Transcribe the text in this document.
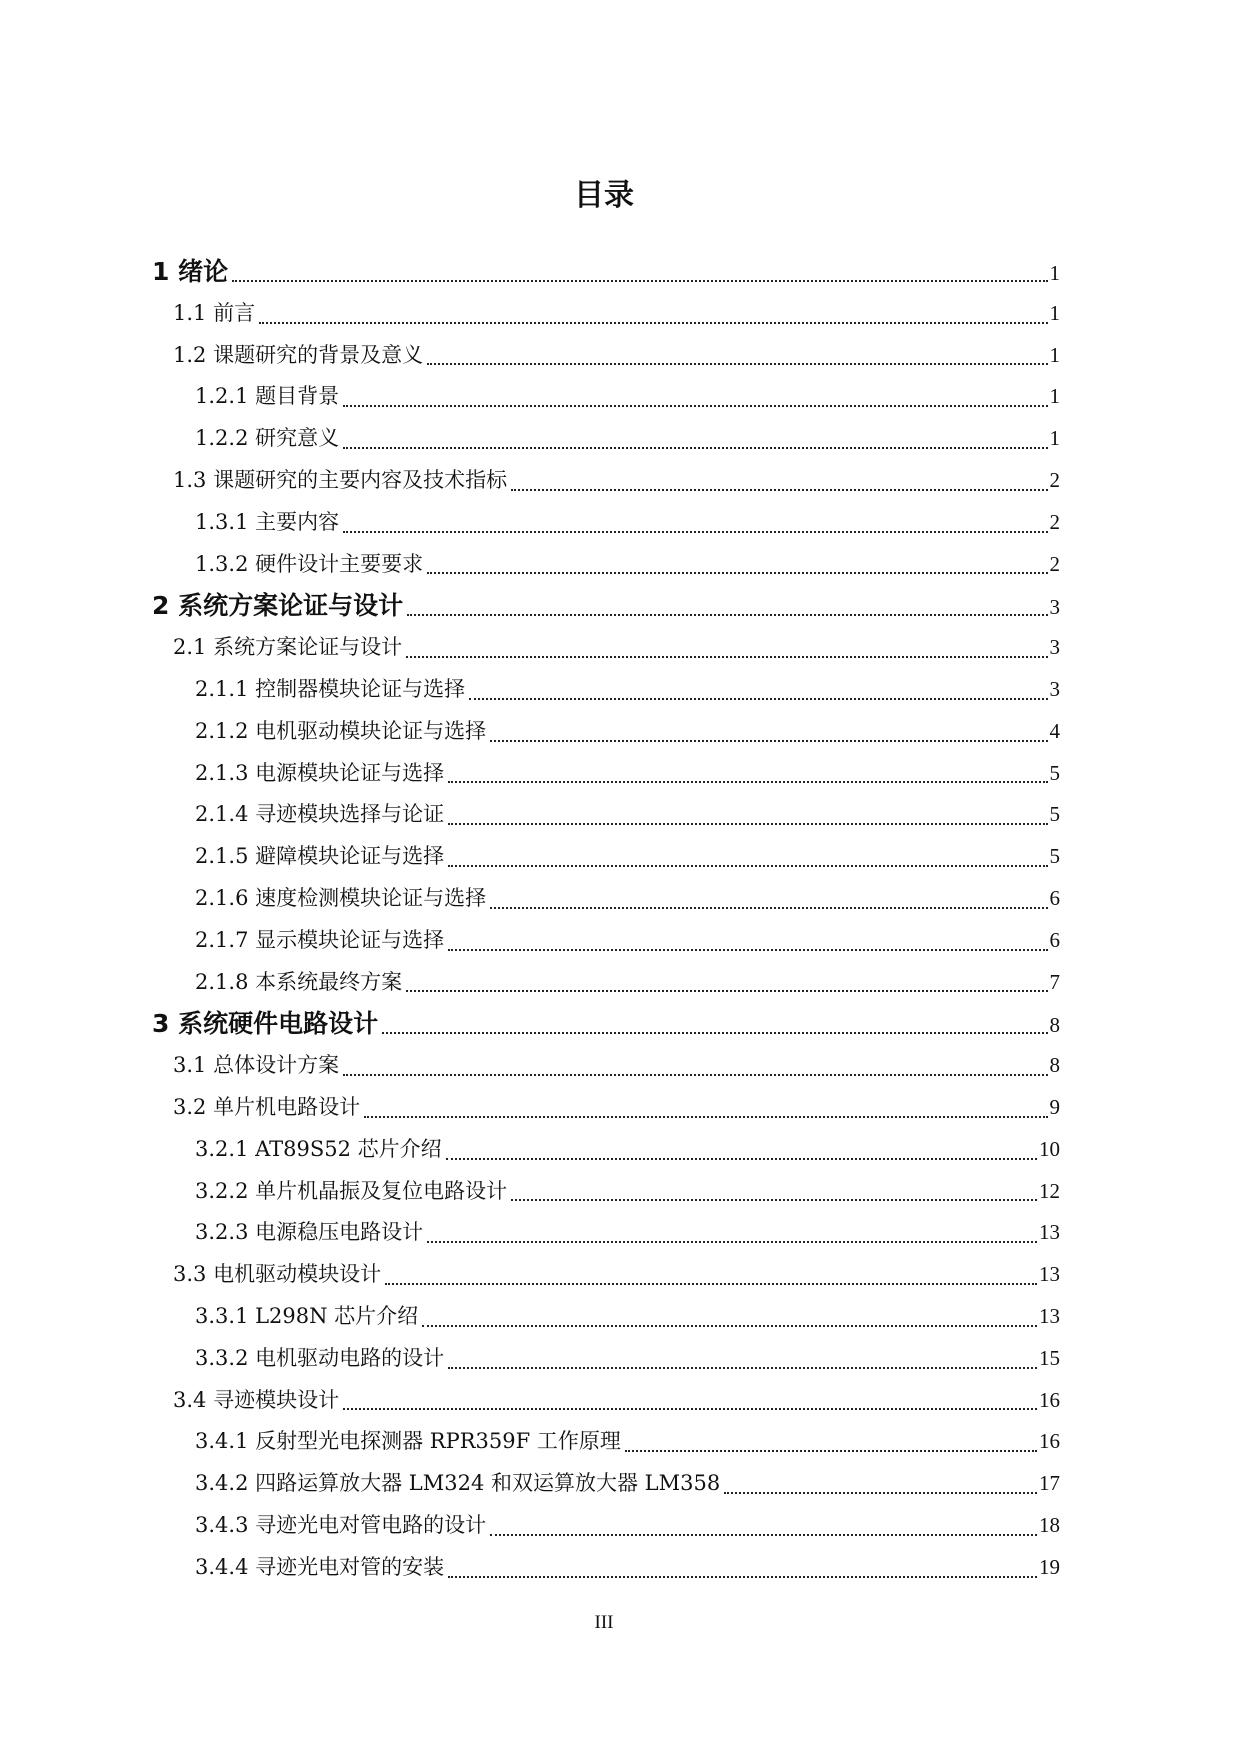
目录
1 绪论	1
1.1 前言	1
1.2 课题研究的背景及意义	1
1.2.1 题目背景	1
1.2.2 研究意义	1
1.3 课题研究的主要内容及技术指标	2
1.3.1 主要内容	2
1.3.2 硬件设计主要要求	2
2 系统方案论证与设计	3
2.1 系统方案论证与设计	3
2.1.1 控制器模块论证与选择	3
2.1.2 电机驱动模块论证与选择	4
2.1.3 电源模块论证与选择	5
2.1.4 寻迹模块选择与论证	5
2.1.5 避障模块论证与选择	5
2.1.6 速度检测模块论证与选择	6
2.1.7 显示模块论证与选择	6
2.1.8 本系统最终方案	7
3 系统硬件电路设计	8
3.1 总体设计方案	8
3.2 单片机电路设计	9
3.2.1 AT89S52 芯片介绍	10
3.2.2 单片机晶振及复位电路设计	12
3.2.3 电源稳压电路设计	13
3.3 电机驱动模块设计	13
3.3.1 L298N 芯片介绍	13
3.3.2 电机驱动电路的设计	15
3.4 寻迹模块设计	16
3.4.1 反射型光电探测器 RPR359F 工作原理	16
3.4.2 四路运算放大器 LM324 和双运算放大器 LM358	17
3.4.3 寻迹光电对管电路的设计	18
3.4.4 寻迹光电对管的安装	19
III
